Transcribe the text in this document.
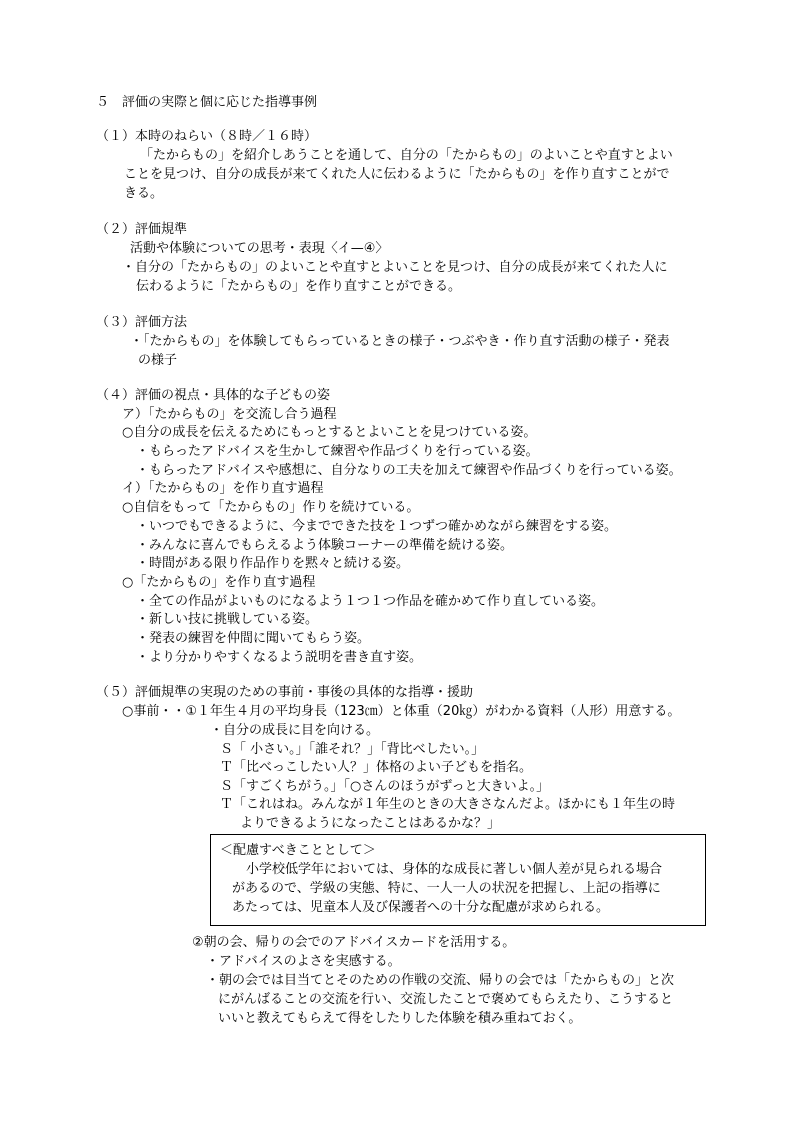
５　評価の実際と個に応じた指導事例
（１）本時のねらい（８時／１６時）
「たからもの」を紹介しあうことを通して、自分の「たからもの」のよいことや直すとよい
ことを見つけ、自分の成長が来てくれた人に伝わるように「たからもの」を作り直すことがで
きる。
（２）評価規準
活動や体験についての思考・表現〈イ—④〉
・自分の「たからもの」のよいことや直すとよいことを見つけ、自分の成長が来てくれた人に
伝わるように「たからもの」を作り直すことができる。
（３）評価方法
・「たからもの」を体験してもらっているときの様子・つぶやき・作り直す活動の様子・発表
の様子
（４）評価の視点・具体的な子どもの姿
ア）「たからもの」を交流し合う過程
○自分の成長を伝えるためにもっとするとよいことを見つけている姿。
・もらったアドバイスを生かして練習や作品づくりを行っている姿。
・もらったアドバイスや感想に、自分なりの工夫を加えて練習や作品づくりを行っている姿。
イ）「たからもの」を作り直す過程
○自信をもって「たからもの」作りを続けている。
・いつでもできるように、今までできた技を１つずつ確かめながら練習をする姿。
・みんなに喜んでもらえるよう体験コーナーの準備を続ける姿。
・時間がある限り作品作りを黙々と続ける姿。
○「たからもの」を作り直す過程
・全ての作品がよいものになるよう１つ１つ作品を確かめて作り直している姿。
・新しい技に挑戦している姿。
・発表の練習を仲間に聞いてもらう姿。
・より分かりやすくなるよう説明を書き直す姿。
（５）評価規準の実現のための事前・事後の具体的な指導・援助
○事前・・①１年生４月の平均身長（123㎝）と体重（20㎏）がわかる資料（人形）用意する。
・自分の成長に目を向ける。
Ｓ「 小さい。」「誰それ？」「背比べしたい。」
Ｔ「比べっこしたい人？」体格のよい子どもを指名。
Ｓ「すごくちがう。」「○さんのほうがずっと大きいよ。」
Ｔ「これはね。みんなが１年生のときの大きさなんだよ。ほかにも１年生の時
よりできるようになったことはあるかな？」
＜配慮すべきこととして＞
小学校低学年においては、身体的な成長に著しい個人差が見られる場合
があるので、学級の実態、特に、一人一人の状況を把握し、上記の指導に
あたっては、児童本人及び保護者への十分な配慮が求められる。
②朝の会、帰りの会でのアドバイスカードを活用する。
・アドバイスのよさを実感する。
・朝の会では目当てとそのための作戦の交流、帰りの会では「たからもの」と次
にがんばることの交流を行い、交流したことで褒めてもらえたり、こうすると
いいと教えてもらえて得をしたりした体験を積み重ねておく。
